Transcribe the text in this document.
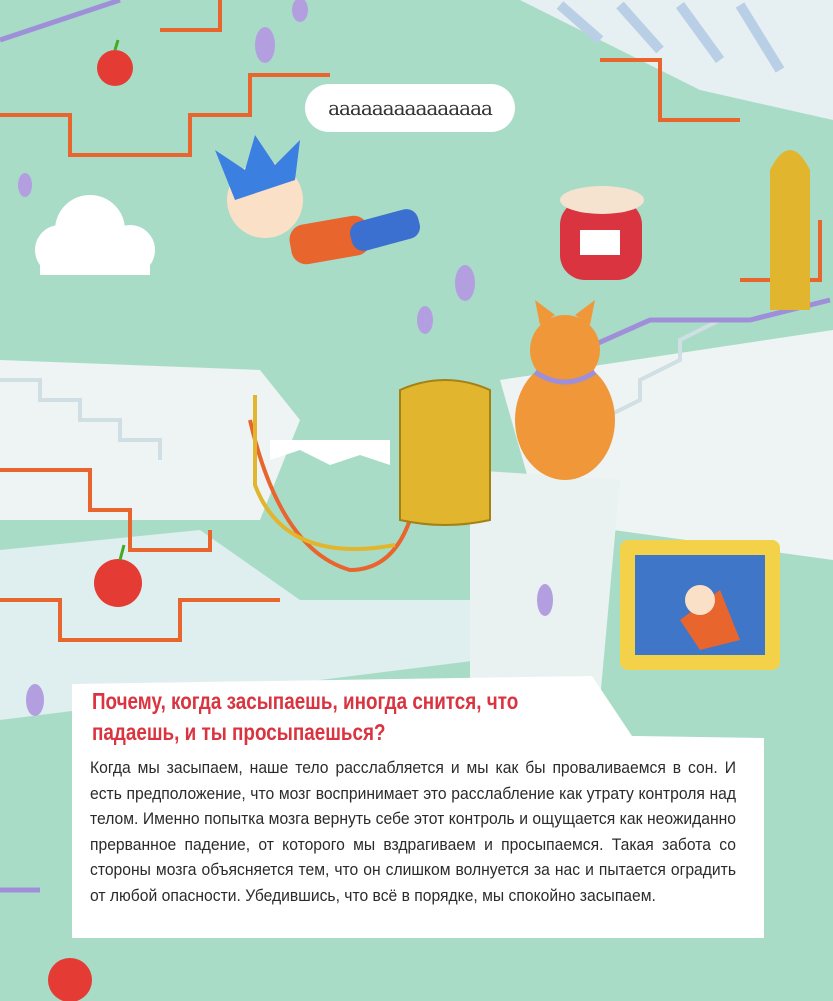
ааааааааааааааа
Почему, когда засыпаешь, иногда снится, что падаешь, и ты просыпаешься?
Когда мы засыпаем, наше тело расслабляется и мы как бы проваливаемся в сон. И есть предположение, что мозг воспринимает это расслабление как утрату контроля над телом. Именно попытка мозга вернуть себе этот контроль и ощущается как неожиданно прерванное падение, от которого мы вздрагиваем и просыпаемся. Такая забота со стороны мозга объясняется тем, что он слишком волнуется за нас и пытается оградить от любой опасности. Убедившись, что всё в порядке, мы спокойно засыпаем.
